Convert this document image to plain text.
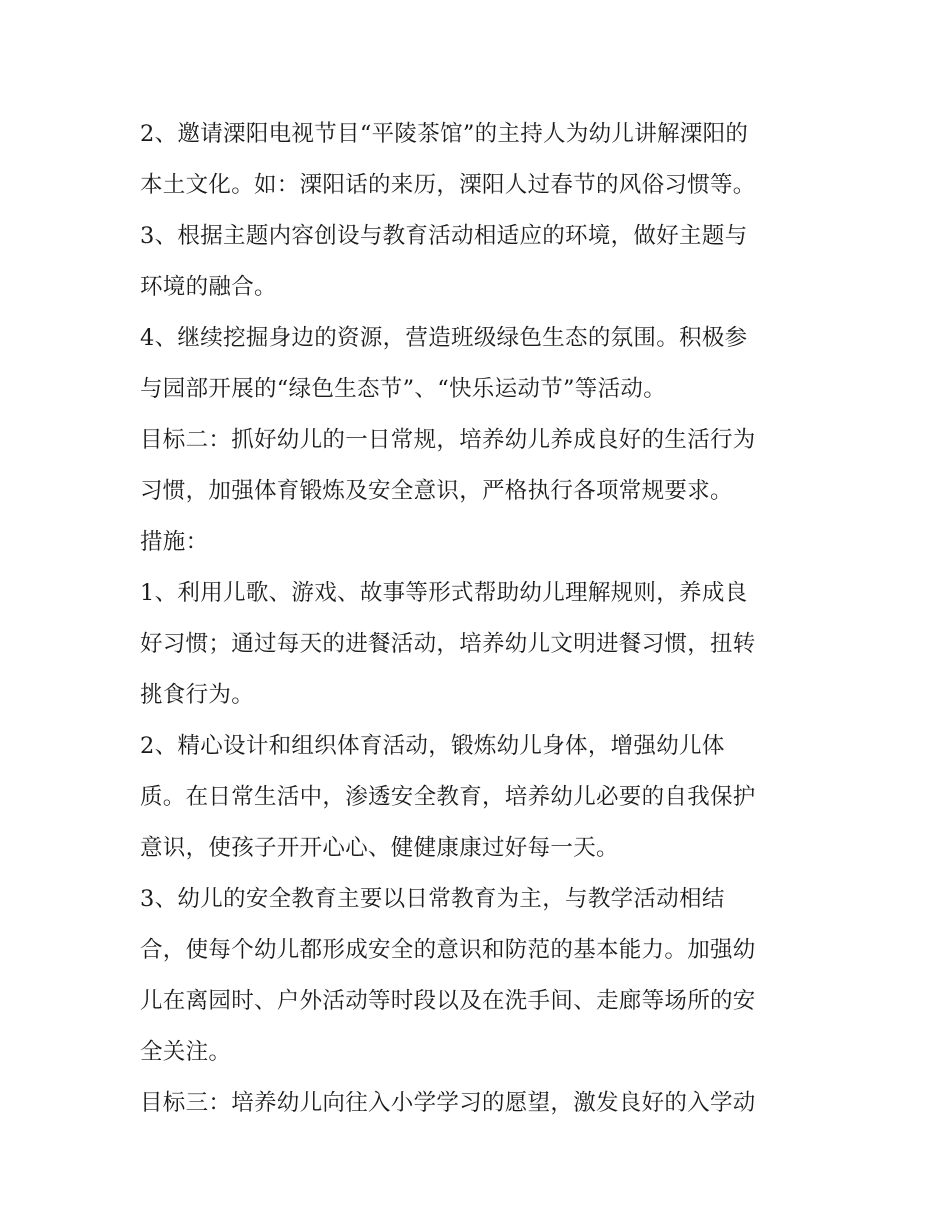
2、邀请溧阳电视节目“平陵茶馆”的主持人为幼儿讲解溧阳的
本土文化。如：溧阳话的来历，溧阳人过春节的风俗习惯等。
3、根据主题内容创设与教育活动相适应的环境，做好主题与
环境的融合。
4、继续挖掘身边的资源，营造班级绿色生态的氛围。积极参
与园部开展的“绿色生态节”、“快乐运动节”等活动。
目标二：抓好幼儿的一日常规，培养幼儿养成良好的生活行为
习惯，加强体育锻炼及安全意识，严格执行各项常规要求。
措施：
1、利用儿歌、游戏、故事等形式帮助幼儿理解规则，养成良
好习惯；通过每天的进餐活动，培养幼儿文明进餐习惯，扭转
挑食行为。
2、精心设计和组织体育活动，锻炼幼儿身体，增强幼儿体
质。在日常生活中，渗透安全教育，培养幼儿必要的自我保护
意识，使孩子开开心心、健健康康过好每一天。
3、幼儿的安全教育主要以日常教育为主，与教学活动相结
合，使每个幼儿都形成安全的意识和防范的基本能力。加强幼
儿在离园时、户外活动等时段以及在洗手间、走廊等场所的安
全关注。
目标三：培养幼儿向往入小学学习的愿望，激发良好的入学动
